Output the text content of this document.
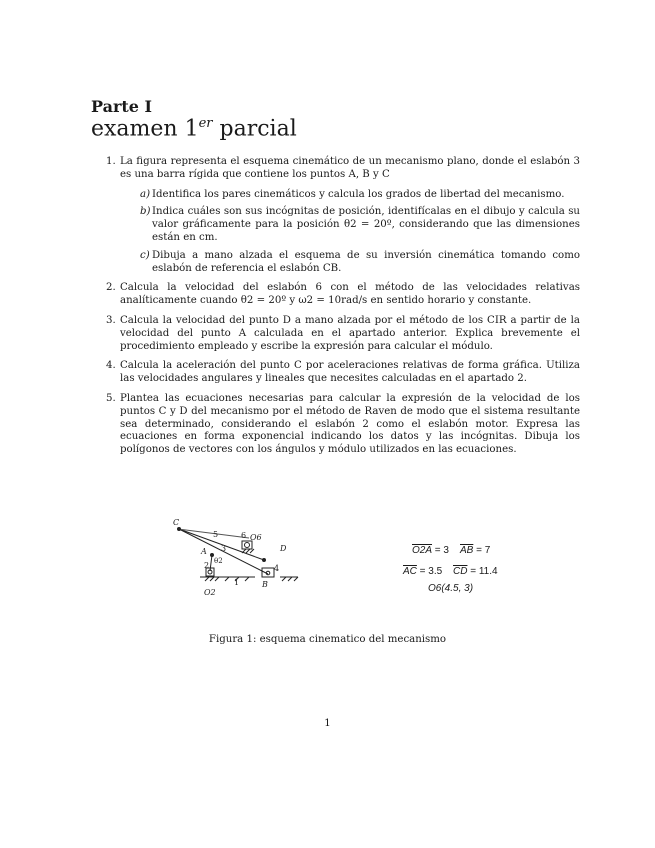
Parte I
examen 1er parcial
1. La figura representa el esquema cinemático de un mecanismo plano, donde el eslabón 3 es una barra rígida que contiene los puntos A, B y C
a) Identifica los pares cinemáticos y calcula los grados de libertad del mecanismo.
b) Indica cuáles son sus incógnitas de posición, identifícalas en el dibujo y calcula su valor gráficamente para la posición θ2 = 20º, considerando que las dimensiones están en cm.
c) Dibuja a mano alzada el esquema de su inversión cinemática tomando como eslabón de referencia el eslabón CB.
2. Calcula la velocidad del eslabón 6 con el método de las velocidades relativas analíticamente cuando θ2 = 20º y ω2 = 10rad/s en sentido horario y constante.
3. Calcula la velocidad del punto D a mano alzada por el método de los CIR a partir de la velocidad del punto A calculada en el apartado anterior. Explica brevemente el procedimiento empleado y escribe la expresión para calcular el módulo.
4. Calcula la aceleración del punto C por aceleraciones relativas de forma gráfica. Utiliza las velocidades angulares y lineales que necesites calculadas en el apartado 2.
5. Plantea las ecuaciones necesarias para calcular la expresión de la velocidad de los puntos C y D del mecanismo por el método de Raven de modo que el sistema resultante sea determinado, considerando el eslabón 2 como el eslabón motor. Expresa las ecuaciones en forma exponencial indicando los datos y las incógnitas. Dibuja los polígonos de vectores con los ángulos y módulo utilizados en las ecuaciones.
C
A
B
D
O2
O6
1
2
3
4
5	6
θ2
O2A = 3 $\overline{AB} = 7$
$\overline{AC} = 3.5$ $\overline{CD} = 11.4$
O6(4.5, 3)
Figura 1: esquema cinematico del mecanismo
1
